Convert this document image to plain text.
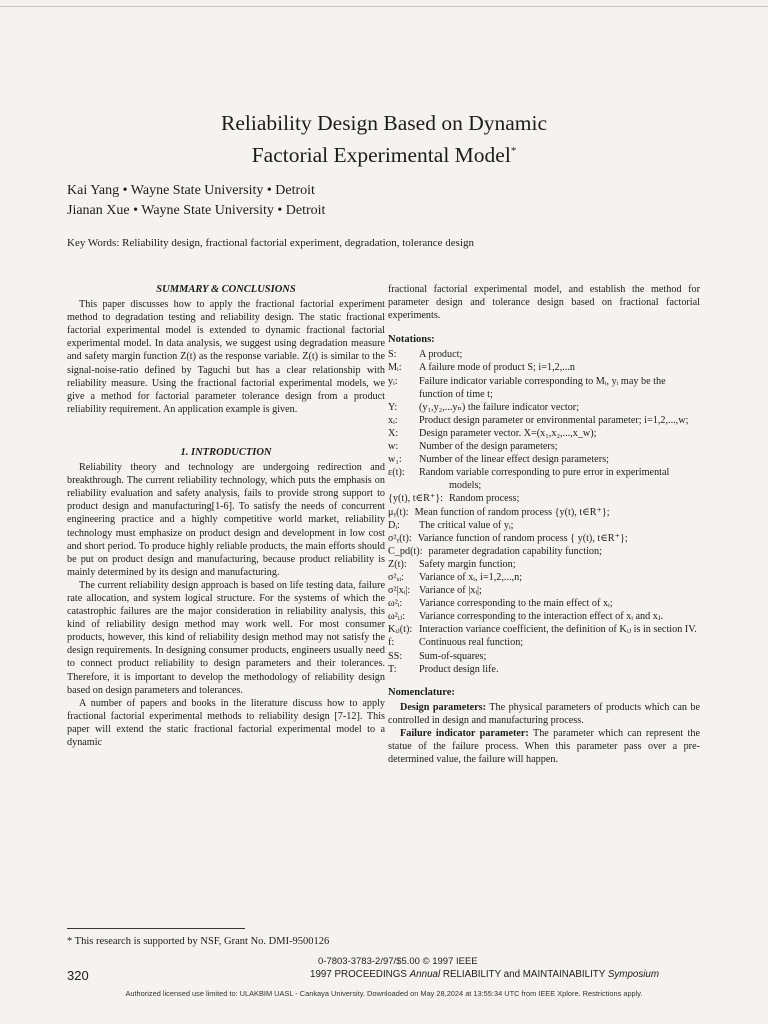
Reliability Design Based on Dynamic
Factorial Experimental Model*
Kai Yang • Wayne State University • Detroit
Jianan Xue • Wayne State University • Detroit
Key Words: Reliability design, fractional factorial experiment, degradation, tolerance design
SUMMARY & CONCLUSIONS

This paper discusses how to apply the fractional factorial experiment method to degradation testing and reliability design. The static fractional factorial experimental model is extended to dynamic fractional factorial experimental model. In data analysis, we suggest using degradation measure and safety margin function Z(t) as the response variable. Z(t) is similar to the signal-noise-ratio defined by Taguchi but has a clear relationship with reliability measure. Using the fractional factorial experimental models, we give a method for factorial parameter tolerance design from a product reliability requirement. An application example is given.

1. INTRODUCTION

Reliability theory and technology are undergoing redirection and breakthrough. The current reliability technology, which puts the emphasis on reliability evaluation and safety analysis, fails to provide strong support to product design and manufacturing[1-6]. To satisfy the needs of concurrent engineering practice and a highly competitive world market, reliability technology must emphasize on product design and development in low cost and short period. To produce highly reliable products, the main efforts should be put on product design and manufacturing, because product reliability is mainly determined by its design and manufacturing.

The current reliability design approach is based on life testing data, failure rate allocation, and system logical structure. For the systems of which the catastrophic failures are the major consideration in reliability analysis, this kind of reliability design method may work well. For most consumer products, however, this kind of reliability design method may not satisfy the design requirements. In designing consumer products, engineers usually need to connect product reliability to design parameters and their tolerances. Therefore, it is important to develop the methodology of reliability design based on design parameters and tolerances.

A number of papers and books in the literature discuss how to apply fractional factorial experimental methods to reliability design [7-12]. This paper will extend the static fractional factorial experimental model to a dynamic

fractional factorial experimental model, and establish the method for parameter design and tolerance design based on fractional factorial experiments.

Notations:
S:	A product;
Mᵢ:	A failure mode of product S; i=1,2,...n
yᵢ:	Failure indicator variable corresponding to Mᵢ, yᵢ may be the function of time t;
Y:	(y₁,y₂,...yₙ) the failure indicator vector;
xᵢ:	Product design parameter or environmental parameter; i=1,2,...,w;
X:	Design parameter vector. X=(x₁,x₂,...,x_w);
w:	Number of the design parameters;
w₁:	Number of the linear effect design parameters;
ε(t):	Random variable corresponding to pure error in experimental models;
{y(t), t∈R⁺}: Random process;
μᵧ(t): Mean function of random process {y(t), t∈R⁺};
Dᵢ:	The critical value of yᵢ;
σ²ᵧ(t): Variance function of random process { y(t), t∈R⁺};
C_pd(t): parameter degradation capability function;
Z(t):	Safety margin function;
σ²ₓᵢ:	Variance of xᵢ, i=1,2,...,n;
σ²|xᵢ|: Variance of |xᵢ|;
ω²ᵢ:	Variance corresponding to the main effect of xᵢ;
ω²ᵢⱼ:	Variance corresponding to the interaction effect of xᵢ and xⱼ.
Kᵢⱼ(t): Interaction variance coefficient, the definition of Kᵢⱼ is in section IV.
f:	Continuous real function;
SS:	Sum-of-squares;
T:	Product design life.
Nomenclature:

Design parameters: The physical parameters of products which can be controlled in design and manufacturing process.

Failure indicator parameter: The parameter which can represent the statue of the failure process. When this parameter pass over a pre-determined value, the failure will happen.

* This research is supported by NSF, Grant No. DMI-9500126
0-7803-3783-2/97/$5.00 © 1997 IEEE
320	1997 PROCEEDINGS Annual RELIABILITY and MAINTAINABILITY Symposium
Authorized licensed use limited to: ULAKBIM UASL - Cankaya University. Downloaded on May 28,2024 at 13:55:34 UTC from IEEE Xplore. Restrictions apply.
